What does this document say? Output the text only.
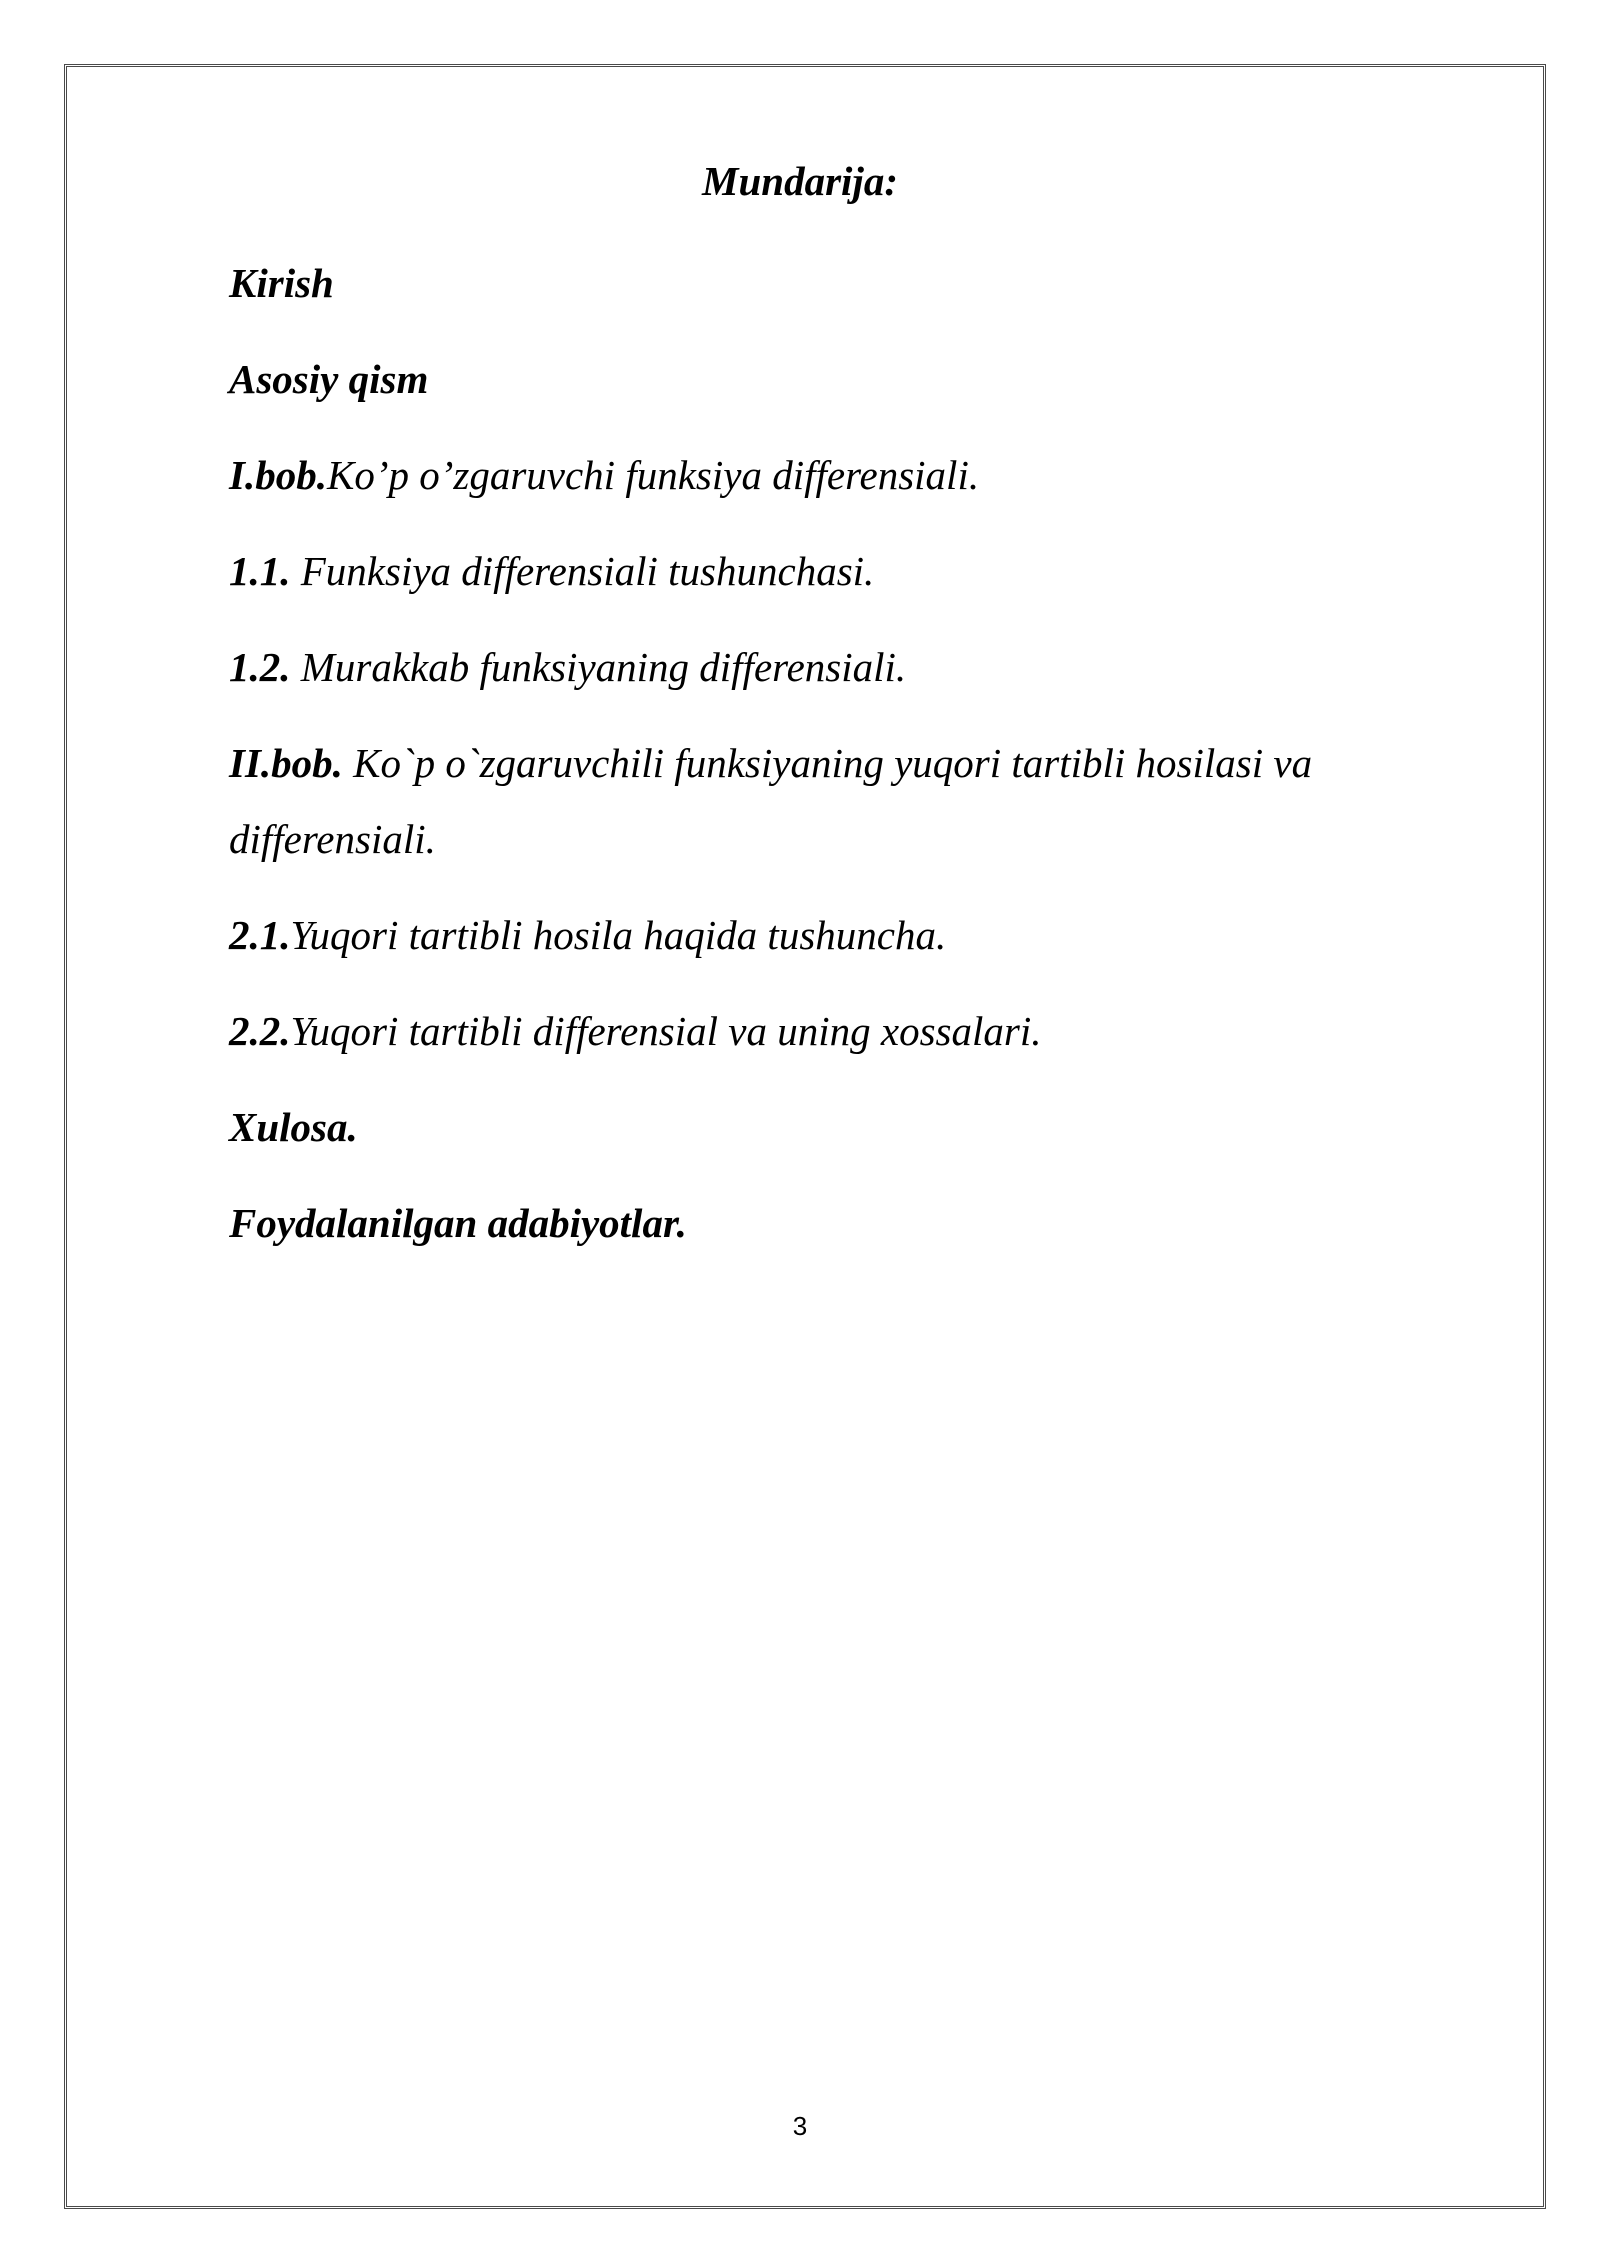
Mundarija:
Kirish
Asosiy qism
I.bob.Ko’p o’zgaruvchi funksiya differensiali.
1.1. Funksiya differensiali tushunchasi.
1.2. Murakkab funksiyaning differensiali.
II.bob. Ko`p o`zgaruvchili funksiyaning yuqori tartibli hosilasi va differensiali.
2.1.Yuqori tartibli hosila haqida tushuncha.
2.2.Yuqori tartibli differensial va uning xossalari.
Xulosa.
Foydalanilgan adabiyotlar.
3
